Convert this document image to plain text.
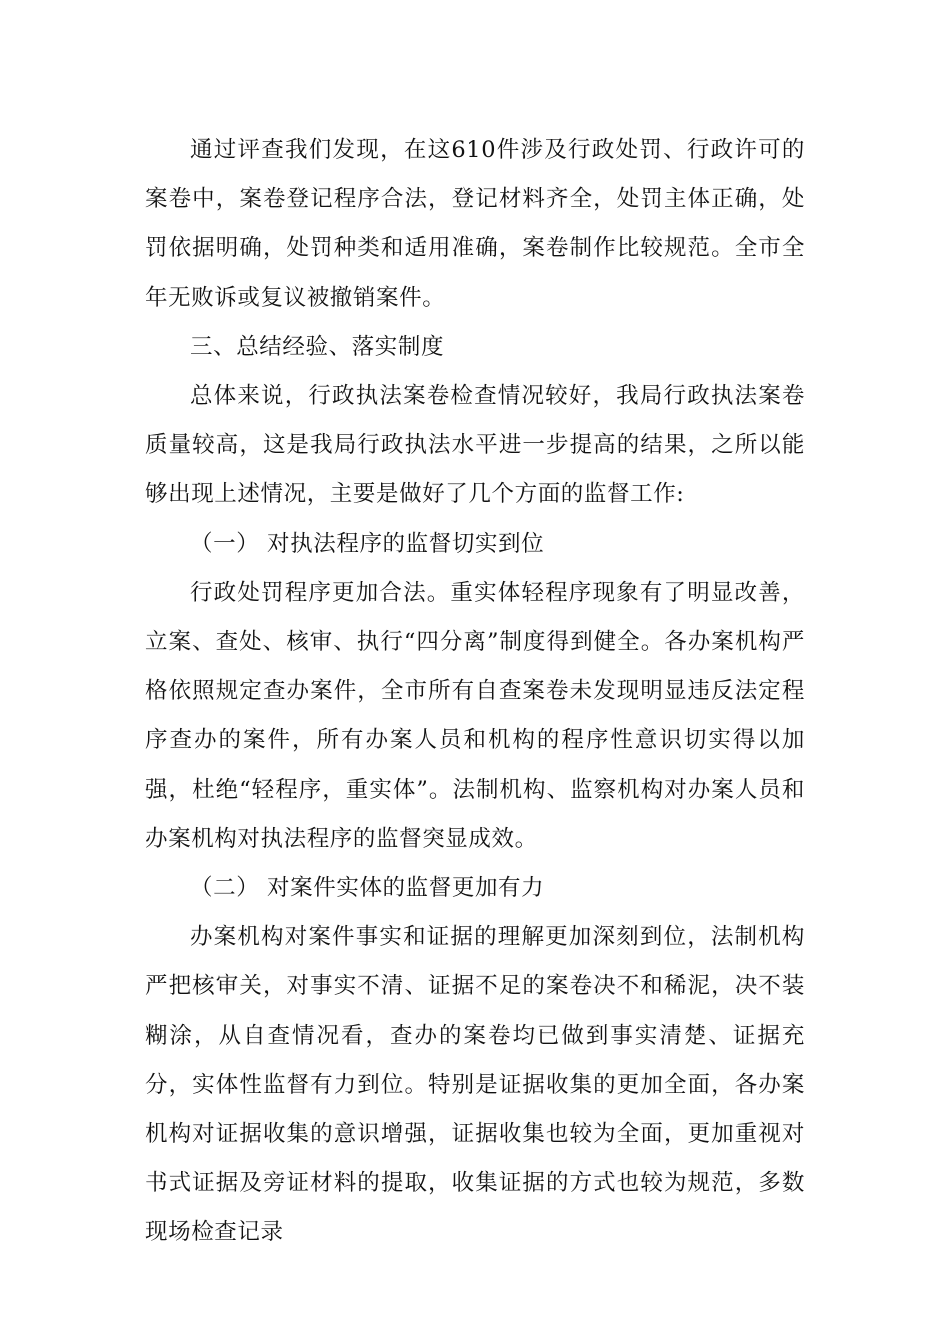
通过评查我们发现，在这610件涉及行政处罚、行政许可的案卷中，案卷登记程序合法，登记材料齐全，处罚主体正确，处罚依据明确，处罚种类和适用准确，案卷制作比较规范。全市全年无败诉或复议被撤销案件。

三、总结经验、落实制度

总体来说，行政执法案卷检查情况较好，我局行政执法案卷质量较高，这是我局行政执法水平进一步提高的结果，之所以能够出现上述情况，主要是做好了几个方面的监督工作:

（一） 对执法程序的监督切实到位

行政处罚程序更加合法。重实体轻程序现象有了明显改善，立案、查处、核审、执行“四分离”制度得到健全。各办案机构严格依照规定查办案件，全市所有自查案卷未发现明显违反法定程序查办的案件，所有办案人员和机构的程序性意识切实得以加强，杜绝“轻程序，重实体”。法制机构、监察机构对办案人员和办案机构对执法程序的监督突显成效。

（二） 对案件实体的监督更加有力

办案机构对案件事实和证据的理解更加深刻到位，法制机构严把核审关，对事实不清、证据不足的案卷决不和稀泥，决不装糊涂，从自查情况看，查办的案卷均已做到事实清楚、证据充分，实体性监督有力到位。特别是证据收集的更加全面，各办案机构对证据收集的意识增强，证据收集也较为全面，更加重视对书式证据及旁证材料的提取，收集证据的方式也较为规范，多数现场检查记录
